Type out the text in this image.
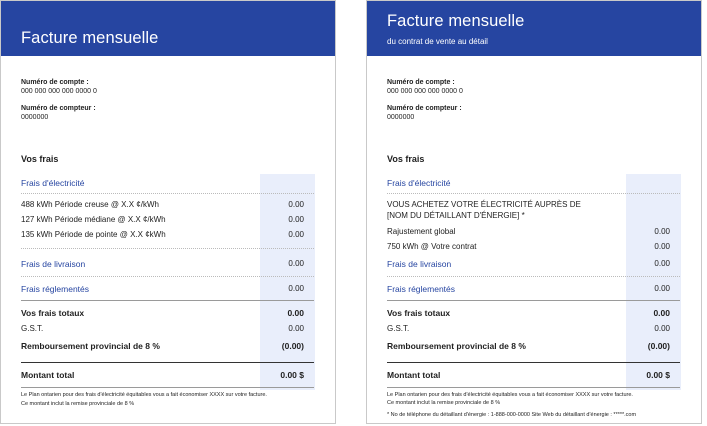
Facture mensuelle
Numéro de compte :
000 000 000 000 0000 0
Numéro de compteur :
0000000
Vos frais
Frais d'électricité
488 kWh Période creuse @ X.X ¢/kWh	0.00
127 kWh Période médiane @ X.X ¢/kWh	0.00
135 kWh Période de pointe @ X.X ¢kWh	0.00
Frais de livraison	0.00
Frais réglementés	0.00
Vos frais totaux	0.00
G.S.T.	0.00
Remboursement provincial de 8 %	(0.00)
Montant total	0.00 $
Le Plan ontarien pour des frais d'électricité équitables vous a fait économiser XXXX sur votre facture.
Ce montant inclut la remise provinciale de 8 %
Facture mensuelle
du contrat de vente au détail
Numéro de compte :
000 000 000 000 0000 0
Numéro de compteur :
0000000
Vos frais
Frais d'électricité
VOUS ACHETEZ VOTRE ÉLECTRICITÉ AUPRÈS DE
[NOM DU DÉTAILLANT D'ÉNERGIE] *
Rajustement global	0.00
750 kWh @ Votre contrat	0.00
Frais de livraison	0.00
Frais réglementés	0.00
Vos frais totaux	0.00
G.S.T.	0.00
Remboursement provincial de 8 %	(0.00)
Montant total	0.00 $
Le Plan ontarien pour des frais d'électricité équitables vous a fait économiser XXXX sur votre facture.
Ce montant inclut la remise provinciale de 8 %
* No de téléphone du détaillant d'énergie : 1-888-000-0000 Site Web du détaillant d'énergie : *****.com
